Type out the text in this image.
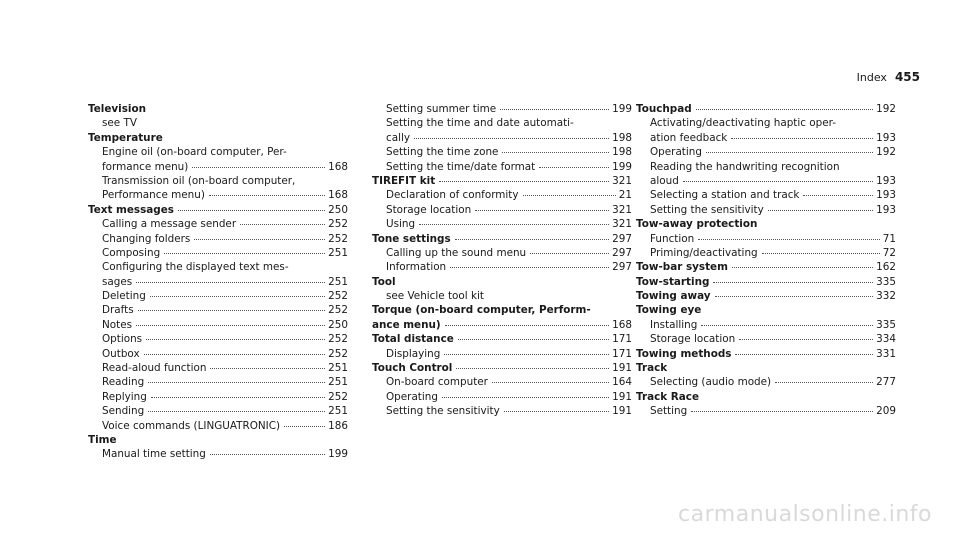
Index 455
Television
see TV
Temperature
Engine oil (on-board computer, Per-
formance menu)	168
Transmission oil (on-board computer,
Performance menu)	168
Text messages	250
Calling a message sender	252
Changing folders	252
Composing	251
Configuring the displayed text mes-
sages	251
Deleting	252
Drafts	252
Notes	250
Options	252
Outbox	252
Read-aloud function	251
Reading	251
Replying	252
Sending	251
Voice commands (LINGUATRONIC)	186
Time
Manual time setting	199
Setting summer time	199
Setting the time and date automati-
cally	198
Setting the time zone	198
Setting the time/date format	199
TIREFIT kit	321
Declaration of conformity	21
Storage location	321
Using	321
Tone settings	297
Calling up the sound menu	297
Information	297
Tool
see Vehicle tool kit
Torque (on-board computer, Perform-
ance menu)	168
Total distance	171
Displaying	171
Touch Control	191
On-board computer	164
Operating	191
Setting the sensitivity	191
Touchpad	192
Activating/deactivating haptic oper-
ation feedback	193
Operating	192
Reading the handwriting recognition
aloud	193
Selecting a station and track	193
Setting the sensitivity	193
Tow-away protection
Function	71
Priming/deactivating	72
Tow-bar system	162
Tow-starting	335
Towing away	332
Towing eye
Installing	335
Storage location	334
Towing methods	331
Track
Selecting (audio mode)	277
Track Race
Setting	209
carmanualsonline.info
